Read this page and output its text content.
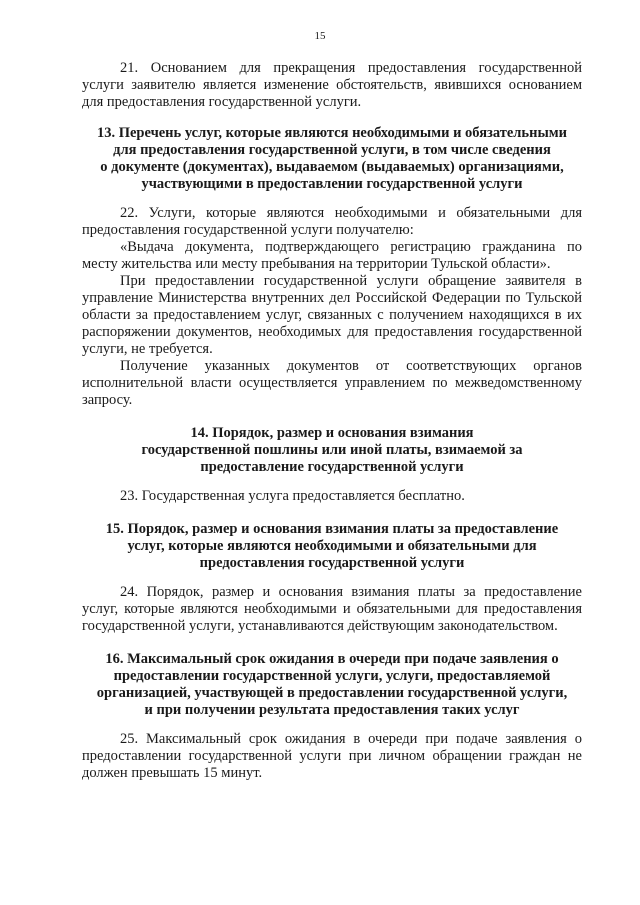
15

21. Основанием для прекращения предоставления государственной услуги заявителю является изменение обстоятельств, явившихся основанием для предоставления государственной услуги.

13. Перечень услуг, которые являются необходимыми и обязательными
для предоставления государственной услуги, в том числе сведения
о документе (документах), выдаваемом (выдаваемых) организациями,
участвующими в предоставлении государственной услуги

22. Услуги, которые являются необходимыми и обязательными для предоставления государственной услуги получателю:

«Выдача документа, подтверждающего регистрацию гражданина по месту жительства или месту пребывания на территории Тульской области».

При предоставлении государственной услуги обращение заявителя в управление Министерства внутренних дел Российской Федерации по Тульской области за предоставлением услуг, связанных с получением находящихся в их распоряжении документов, необходимых для предоставления государственной услуги, не требуется.

Получение указанных документов от соответствующих органов исполнительной власти осуществляется управлением по межведомственному запросу.

14. Порядок, размер и основания взимания
государственной пошлины или иной платы, взимаемой за
предоставление государственной услуги

23. Государственная услуга предоставляется бесплатно.

15. Порядок, размер и основания взимания платы за предоставление
услуг, которые являются необходимыми и обязательными для
предоставления государственной услуги

24. Порядок, размер и основания взимания платы за предоставление услуг, которые являются необходимыми и обязательными для предоставления государственной услуги, устанавливаются действующим законодательством.

16. Максимальный срок ожидания в очереди при подаче заявления о
предоставлении государственной услуги, услуги, предоставляемой
организацией, участвующей в предоставлении государственной услуги,
и при получении результата предоставления таких услуг

25. Максимальный срок ожидания в очереди при подаче заявления о предоставлении государственной услуги при личном обращении граждан не должен превышать 15 минут.
